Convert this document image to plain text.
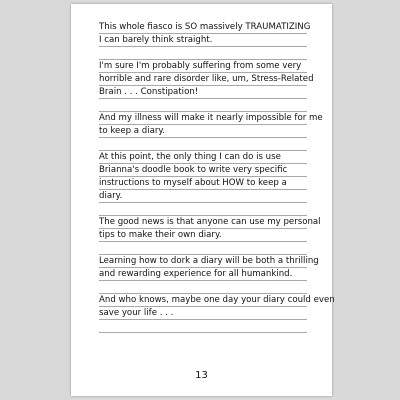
This whole fiasco is SO massively TRAUMATIZING
I can barely think straight.
I'm sure I'm probably suffering from some very
horrible and rare disorder like, um, Stress-Related
Brain . . . Constipation!
And my illness will make it nearly impossible for me
to keep a diary.
At this point, the only thing I can do is use
Brianna's doodle book to write very specific
instructions to myself about HOW to keep a
diary.
The good news is that anyone can use my personal
tips to make their own diary.
Learning how to dork a diary will be both a thrilling
and rewarding experience for all humankind.
And who knows, maybe one day your diary could even
save your life . . .
13
